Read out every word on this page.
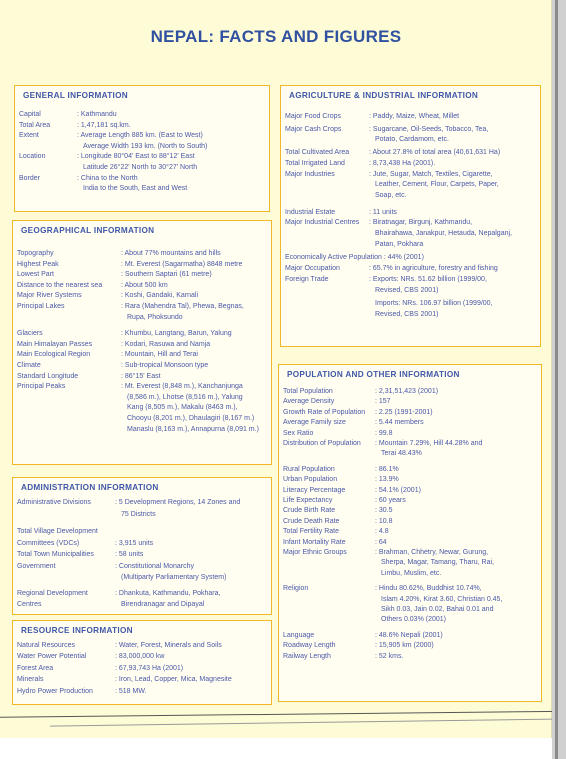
NEPAL: FACTS AND FIGURES
GENERAL INFORMATION
Capital	: Kathmandu
Total Area	: 1,47,181 sq.km.
Extent	: Average Length 885 km. (East to West)
Average Width 193 km. (North to South)
Location	: Longitude 80°04' East to 88°12' East
Latitude 26°22' North to 30°27' North
Border	: China to the North
India to the South, East and West
AGRICULTURE & INDUSTRIAL INFORMATION
Major Food Crops	: Paddy, Maize, Wheat, Millet
Major Cash Crops	: Sugarcane, Oil-Seeds, Tobacco, Tea,
Potato, Cardamom, etc.
Total Cultivated Area	: About 27.8% of total area (40,61,631 Ha)
Total Irrigated Land	: 8,73,438 Ha (2001).
Major Industries	: Jute, Sugar, Match, Textiles, Cigarette,
Leather, Cement, Flour, Carpets, Paper,
Soap, etc.
Industrial Estate	: 11 units
Major Industrial Centres : Biratnagar, Birgunj, Kathmandu,
Bhairahawa, Janakpur, Hetauda, Nepalganj,
Patan, Pokhara
Economically Active Population : 44% (2001)
Major Occupation	: 65.7% in agriculture, forestry and fishing
Foreign Trade	: Exports: NRs. 51.62 billion (1999/00,
Revised, CBS 2001)
Imports: NRs. 106.97 billion (1999/00,
Revised, CBS 2001)
GEOGRAPHICAL INFORMATION
Topography	: About 77% mountains and hills
Highest Peak	: Mt. Everest (Sagarmatha) 8848 metre
Lowest Part	: Southern Saptari (61 metre)
Distance to the nearest sea	: About 500 km
Major River Systems	: Koshi, Gandaki, Karnali
Principal Lakes	: Rara (Mahendra Tal), Phewa, Begnas,
Rupa, Phoksundo
Glaciers	: Khumbu, Langtang, Barun, Yalung
Main Himalayan Passes	: Kodari, Rasuwa and Namja
Main Ecological Region	: Mountain, Hill and Terai
Climate	: Sub-tropical Monsoon type
Standard Longitude	: 86°15' East
Principal Peaks	: Mt. Everest (8,848 m.), Kanchanjunga
(8,586 m.), Lhotse (8,516 m.), Yalung
Kang (8,505 m.), Makalu (8463 m.),
Chooyu (8,201 m.), Dhaulagiri (8,167 m.)
Manaslu (8,163 m.), Annapurna (8,091 m.)
POPULATION AND OTHER INFORMATION
Total Population	: 2,31,51,423 (2001)
Average Density	: 157
Growth Rate of Population : 2.25 (1991-2001)
Average Family size	: 5.44 members
Sex Ratio	: 99.8
Distribution of Population : Mountain 7.29%, Hill 44.28% and
Terai 48.43%
Rural Population	: 86.1%
Urban Population	: 13.9%
Literacy Percentage	: 54.1% (2001)
Life Expectancy	: 60 years
Crude Birth Rate	: 30.5
Crude Death Rate	: 10.8
Total Fertility Rate	: 4.8
Infant Mortality Rate	: 64
Major Ethnic Groups	: Brahman, Chhetry, Newar, Gurung,
Sherpa, Magar, Tamang, Tharu, Rai,
Limbu, Muslim, etc.
Religion	: Hindu 80.62%, Buddhist 10.74%,
Islam 4.20%, Kirat 3.60, Christian 0.45,
Sikh 0.03, Jain 0.02, Bahai 0.01 and
Others 0.03% (2001)
Language	: 48.6% Nepali (2001)
Roadway Length	: 15,905 km (2000)
Railway Length	: 52 kms.
ADMINISTRATION INFORMATION
Administrative Divisions	: 5 Development Regions, 14 Zones and
75 Districts
Total Village Development
Committees (VDCs)	: 3,915 units
Total Town Municipalities	: 58 units
Government	: Constitutional Monarchy
(Multiparty Parliamentary System)
Regional Development	: Dhankuta, Kathmandu, Pokhara,
Centres	Birendranagar and Dipayal
RESOURCE INFORMATION
Natural Resources	: Water, Forest, Minerals and Soils
Water Power Potential	: 83,000,000 kw
Forest Area	: 67,93,743 Ha (2001)
Minerals	: Iron, Lead, Copper, Mica, Magnesite
Hydro Power Production	: 518 MW.
